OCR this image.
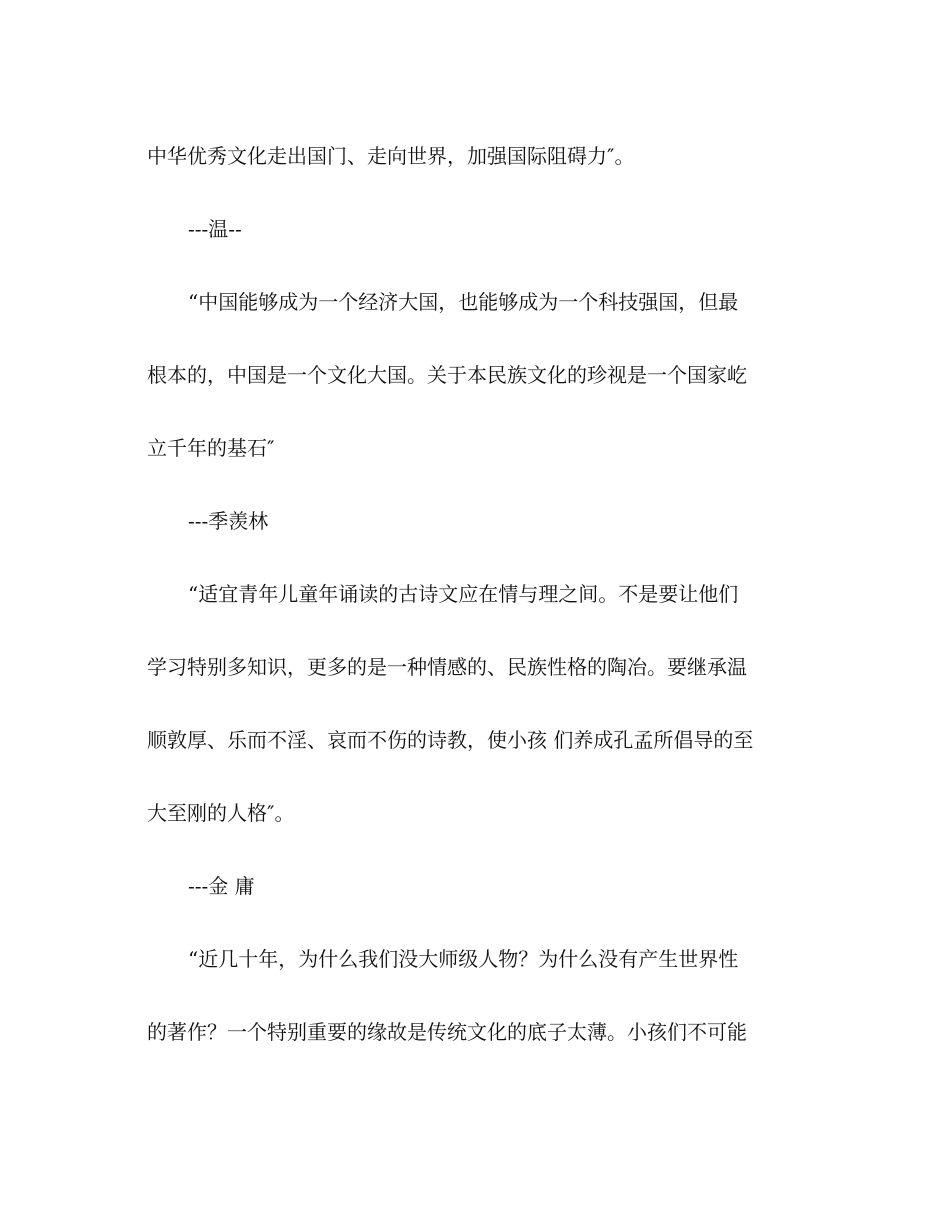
中华优秀文化走出国门、走向世界，加强国际阻碍力″。
---温--
“中国能够成为一个经济大国，也能够成为一个科技强国，但最
根本的，中国是一个文化大国。关于本民族文化的珍视是一个国家屹
立千年的基石″
---季羡林
“适宜青年儿童年诵读的古诗文应在情与理之间。不是要让他们
学习特别多知识，更多的是一种情感的、民族性格的陶冶。要继承温
顺敦厚、乐而不淫、哀而不伤的诗教，使小孩 们养成孔孟所倡导的至
大至刚的人格″。
---金 庸
“近几十年，为什么我们没大师级人物？为什么没有产生世界性
的著作？一个特别重要的缘故是传统文化的底子太薄。小孩们不可能
